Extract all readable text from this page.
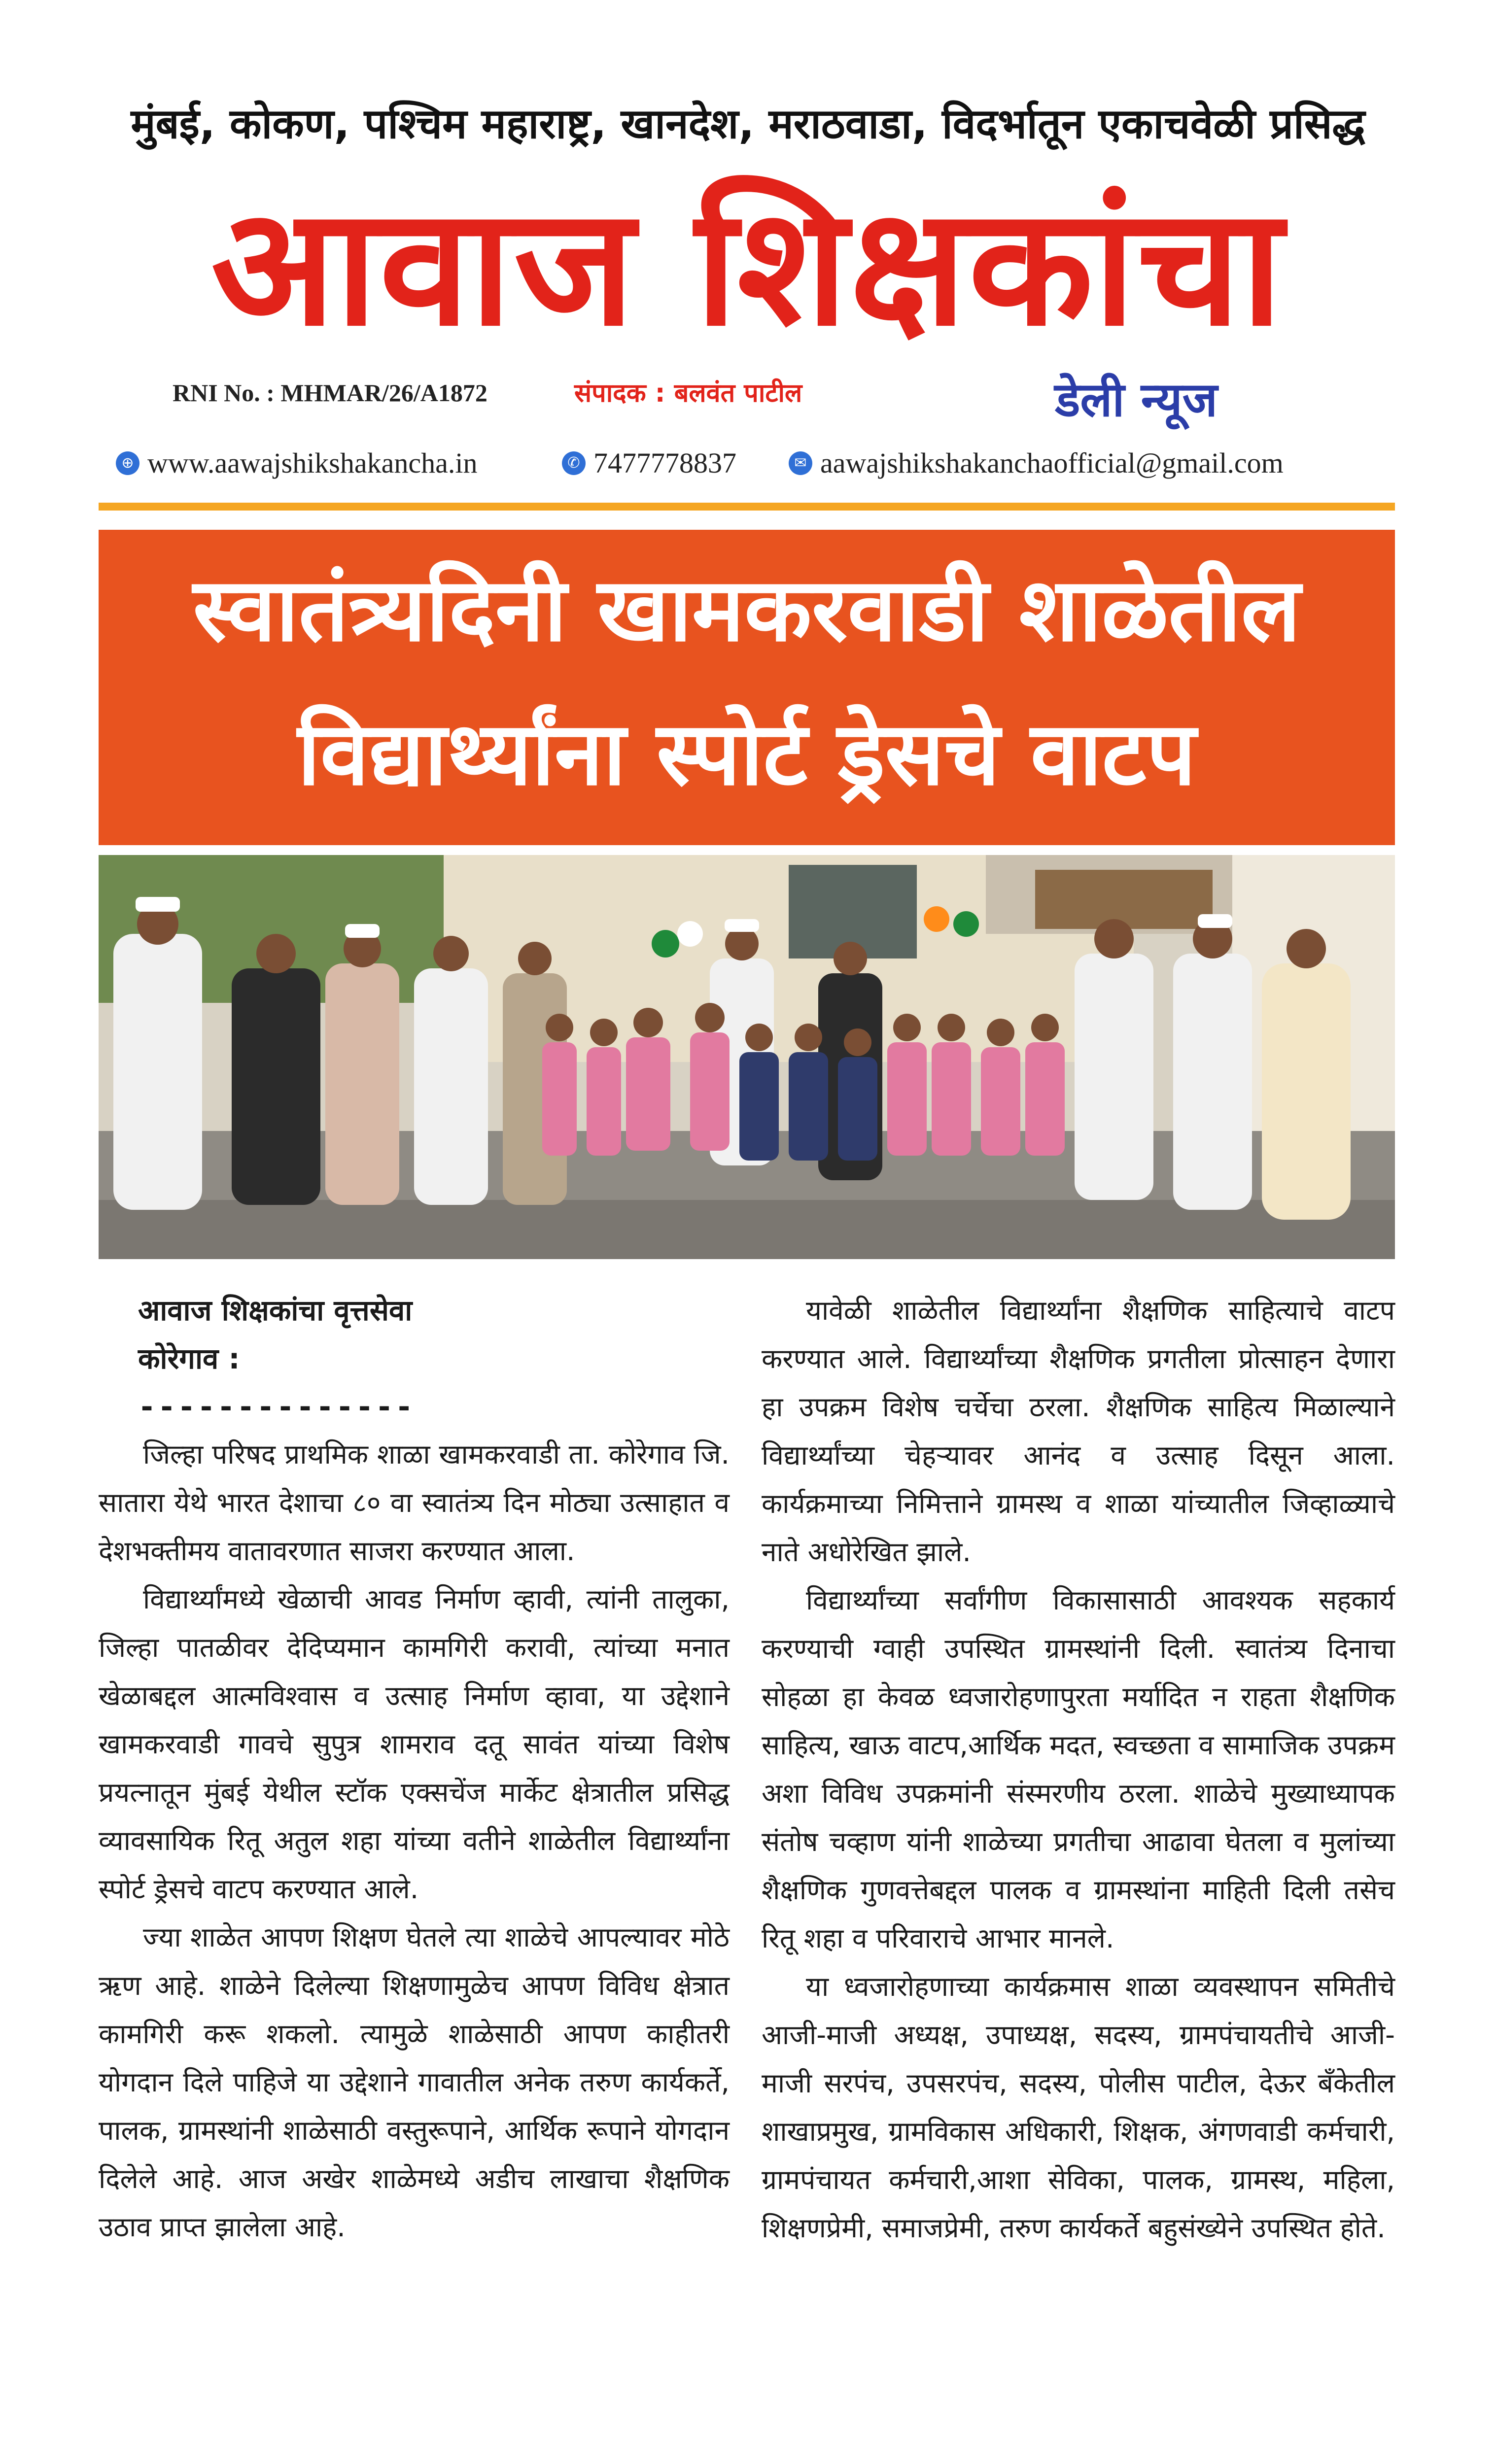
मुंबई, कोकण, पश्चिम महाराष्ट्र, खानदेश, मराठवाडा, विदर्भातून एकाचवेळी प्रसिद्ध
आवाज शिक्षकांचा
RNI No. : MHMAR/26/A1872	संपादक : बलवंत पाटील	डेली न्यूज
⊕ www.aawajshikshakancha.in	✆ 7477778837	✉ aawajshikshakanchaofficial@gmail.com
स्वातंत्र्यदिनी खामकरवाडी शाळेतील
विद्यार्थ्यांना स्पोर्ट ड्रेसचे वाटप
आवाज शिक्षकांचा वृत्तसेवा
कोरेगाव :
--------------

जिल्हा परिषद प्राथमिक शाळा खामकरवाडी ता. कोरेगाव जि. सातारा येथे भारत देशाचा ८० वा स्वातंत्र्य दिन मोठ्या उत्साहात व देशभक्तीमय वातावरणात साजरा करण्यात आला.

विद्यार्थ्यांमध्ये खेळाची आवड निर्माण व्हावी, त्यांनी तालुका, जिल्हा पातळीवर देदिप्यमान कामगिरी करावी, त्यांच्या मनात खेळाबद्दल आत्मविश्वास व उत्साह निर्माण व्हावा, या उद्देशाने खामकरवाडी गावचे सुपुत्र शामराव दतू सावंत यांच्या विशेष प्रयत्नातून मुंबई येथील स्टॉक एक्सचेंज मार्केट क्षेत्रातील प्रसिद्ध व्यावसायिक रितू अतुल शहा यांच्या वतीने शाळेतील विद्यार्थ्यांना स्पोर्ट ड्रेसचे वाटप करण्यात आले.

ज्या शाळेत आपण शिक्षण घेतले त्या शाळेचे आपल्यावर मोठे ऋण आहे. शाळेने दिलेल्या शिक्षणामुळेच आपण विविध क्षेत्रात कामगिरी करू शकलो. त्यामुळे शाळेसाठी आपण काहीतरी योगदान दिले पाहिजे या उद्देशाने गावातील अनेक तरुण कार्यकर्ते, पालक, ग्रामस्थांनी शाळेसाठी वस्तुरूपाने, आर्थिक रूपाने योगदान दिलेले आहे. आज अखेर शाळेमध्ये अडीच लाखाचा शैक्षणिक उठाव प्राप्त झालेला आहे.

यावेळी शाळेतील विद्यार्थ्यांना शैक्षणिक साहित्याचे वाटप करण्यात आले. विद्यार्थ्यांच्या शैक्षणिक प्रगतीला प्रोत्साहन देणारा हा उपक्रम विशेष चर्चेचा ठरला. शैक्षणिक साहित्य मिळाल्याने विद्यार्थ्यांच्या चेहऱ्यावर आनंद व उत्साह दिसून आला. कार्यक्रमाच्या निमित्ताने ग्रामस्थ व शाळा यांच्यातील जिव्हाळ्याचे नाते अधोरेखित झाले.

विद्यार्थ्यांच्या सर्वांगीण विकासासाठी आवश्यक सहकार्य करण्याची ग्वाही उपस्थित ग्रामस्थांनी दिली. स्वातंत्र्य दिनाचा सोहळा हा केवळ ध्वजारोहणापुरता मर्यादित न राहता शैक्षणिक साहित्य, खाऊ वाटप,आर्थिक मदत, स्वच्छता व सामाजिक उपक्रम अशा विविध उपक्रमांनी संस्मरणीय ठरला. शाळेचे मुख्याध्यापक संतोष चव्हाण यांनी शाळेच्या प्रगतीचा आढावा घेतला व मुलांच्या शैक्षणिक गुणवत्तेबद्दल पालक व ग्रामस्थांना माहिती दिली तसेच रितू शहा व परिवाराचे आभार मानले.

या ध्वजारोहणाच्या कार्यक्रमास शाळा व्यवस्थापन समितीचे आजी-माजी अध्यक्ष, उपाध्यक्ष, सदस्य, ग्रामपंचायतीचे आजी-माजी सरपंच, उपसरपंच, सदस्य, पोलीस पाटील, देऊर बँकेतील शाखाप्रमुख, ग्रामविकास अधिकारी, शिक्षक, अंगणवाडी कर्मचारी, ग्रामपंचायत कर्मचारी,आशा सेविका, पालक, ग्रामस्थ, महिला, शिक्षणप्रेमी, समाजप्रेमी, तरुण कार्यकर्ते बहुसंख्येने उपस्थित होते.
